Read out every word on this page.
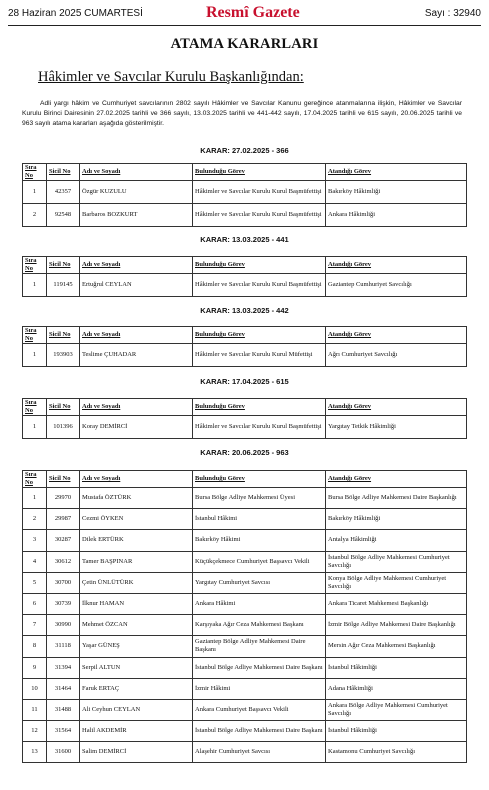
28 Haziran 2025 CUMARTESİ	Resmî Gazete	Sayı : 32940
ATAMA KARARLARI
Hâkimler ve Savcılar Kurulu Başkanlığından:
Adli yargı hâkim ve Cumhuriyet savcılarının 2802 sayılı Hâkimler ve Savcılar Kanunu gereğince atanmalarına ilişkin, Hâkimler ve Savcılar Kurulu Birinci Dairesinin 27.02.2025 tarihli ve 366 sayılı, 13.03.2025 tarihli ve 441-442 sayılı, 17.04.2025 tarihli ve 615 sayılı, 20.06.2025 tarihli ve 963 sayılı atama kararları aşağıda gösterilmiştir.
KARAR: 27.02.2025 - 366
Sıra No	Sicil No	Adı ve Soyadı	Bulunduğu Görev	Atandığı Görev
1	42357	Özgür KUZULU	Hâkimler ve Savcılar Kurulu Kurul Başmüfettişi	Bakırköy Hâkimliği
2	92548	Barbaros BOZKURT	Hâkimler ve Savcılar Kurulu Kurul Başmüfettişi	Ankara Hâkimliği
KARAR: 13.03.2025 - 441
Sıra No	Sicil No	Adı ve Soyadı	Bulunduğu Görev	Atandığı Görev
1	119145	Ertuğrul CEYLAN	Hâkimler ve Savcılar Kurulu Kurul Başmüfettişi	Gaziantep Cumhuriyet Savcılığı
KARAR: 13.03.2025 - 442
Sıra No	Sicil No	Adı ve Soyadı	Bulunduğu Görev	Atandığı Görev
1	193903	Teslime ÇUHADAR	Hâkimler ve Savcılar Kurulu Kurul Müfettişi	Ağrı Cumhuriyet Savcılığı
KARAR: 17.04.2025 - 615
Sıra No	Sicil No	Adı ve Soyadı	Bulunduğu Görev	Atandığı Görev
1	101396	Koray DEMİRCİ	Hâkimler ve Savcılar Kurulu Kurul Başmüfettişi	Yargıtay Tetkik Hâkimliği
KARAR: 20.06.2025 - 963
Sıra No	Sicil No	Adı ve Soyadı	Bulunduğu Görev	Atandığı Görev
1	29970	Mustafa ÖZTÜRK	Bursa Bölge Adliye Mahkemesi Üyesi	Bursa Bölge Adliye Mahkemesi Daire Başkanlığı
2	29987	Cezmi ÖYKEN	İstanbul Hâkimi	Bakırköy Hâkimliği
3	30287	Dilek ERTÜRK	Bakırköy Hâkimi	Antalya Hâkimliği
4	30612	Tamer BAŞPINAR	Küçükçekmece Cumhuriyet Başsavcı Vekili	İstanbul Bölge Adliye Mahkemesi Cumhuriyet Savcılığı
5	30700	Çetin ÜNLÜTÜRK	Yargıtay Cumhuriyet Savcısı	Konya Bölge Adliye Mahkemesi Cumhuriyet Savcılığı
6	30739	İlknur HAMAN	Ankara Hâkimi	Ankara Ticaret Mahkemesi Başkanlığı
7	30990	Mehmet ÖZCAN	Karşıyaka Ağır Ceza Mahkemesi Başkanı	İzmir Bölge Adliye Mahkemesi Daire Başkanlığı
8	31118	Yaşar GÜNEŞ	Gaziantep Bölge Adliye Mahkemesi Daire Başkanı	Mersin Ağır Ceza Mahkemesi Başkanlığı
9	31394	Serpil ALTUN	İstanbul Bölge Adliye Mahkemesi Daire Başkanı	İstanbul Hâkimliği
10	31464	Faruk ERTAÇ	İzmir Hâkimi	Adana Hâkimliği
11	31488	Ali Ceyhun CEYLAN	Ankara Cumhuriyet Başsavcı Vekili	Ankara Bölge Adliye Mahkemesi Cumhuriyet Savcılığı
12	31564	Halil AKDEMİR	İstanbul Bölge Adliye Mahkemesi Daire Başkanı	İstanbul Hâkimliği
13	31600	Salim DEMİRCİ	Alaşehir Cumhuriyet Savcısı	Kastamonu Cumhuriyet Savcılığı
